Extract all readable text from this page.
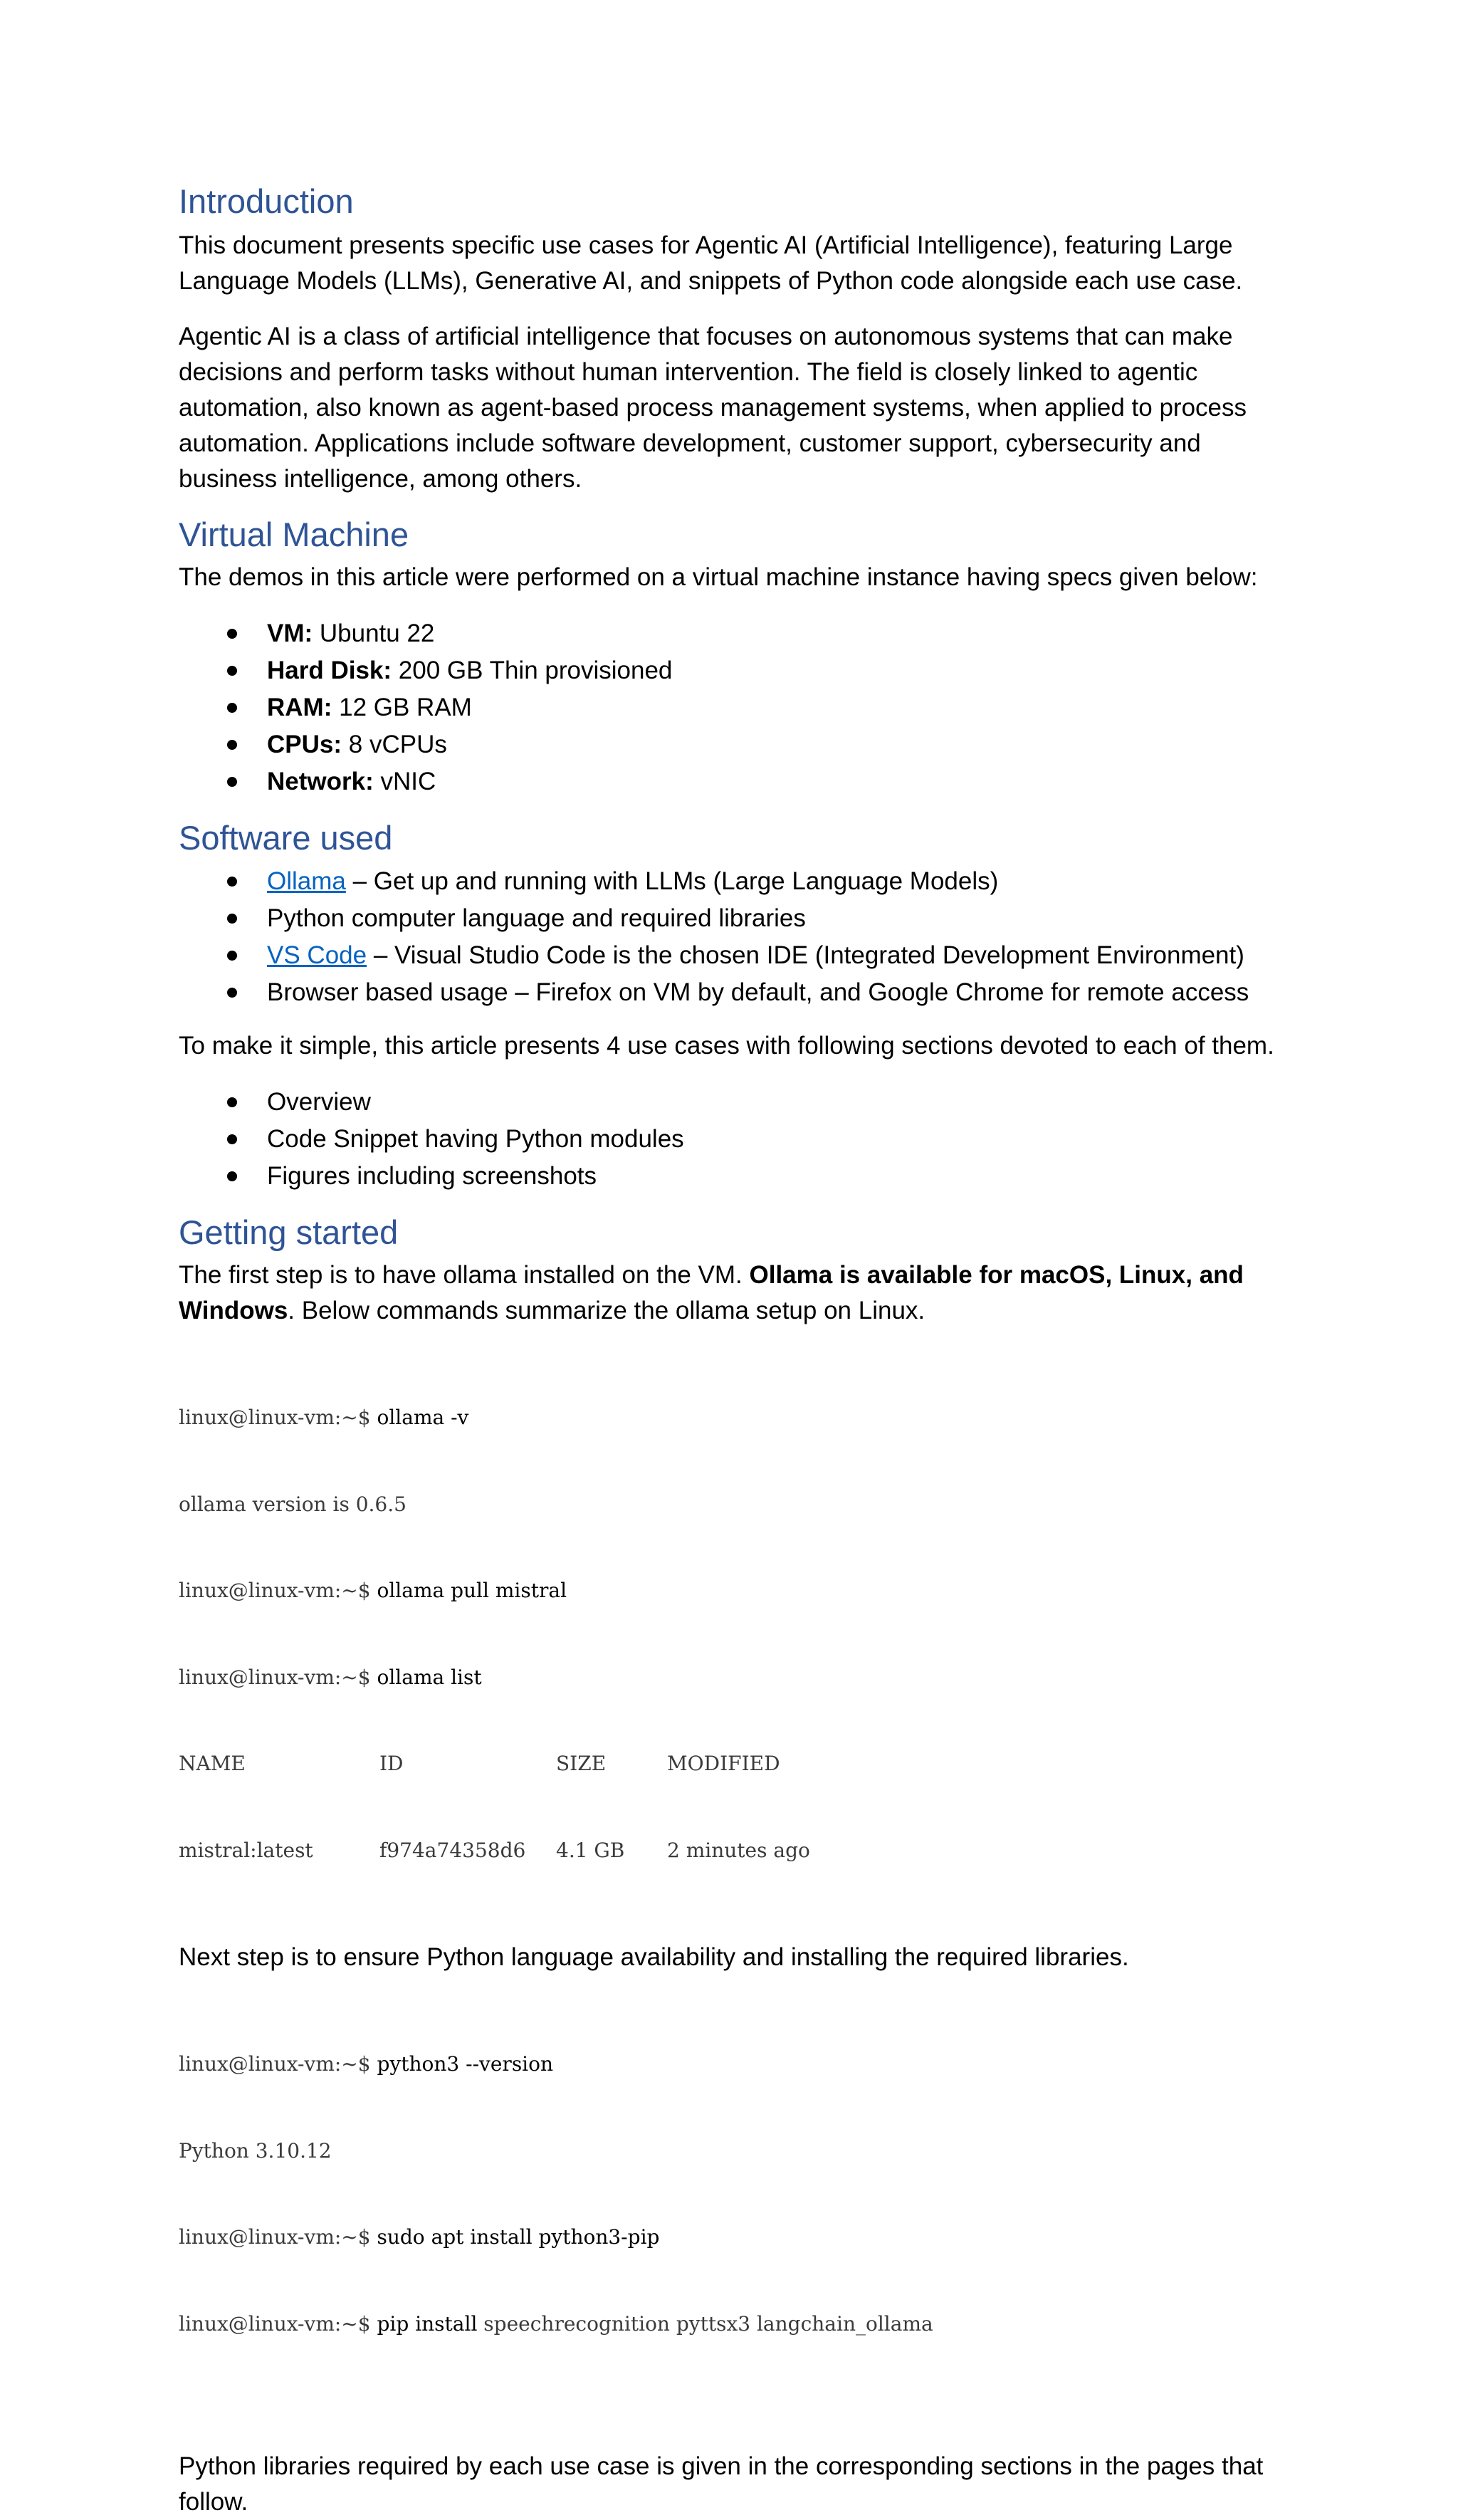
Introduction

This document presents specific use cases for Agentic AI (Artificial Intelligence), featuring Large Language Models (LLMs), Generative AI, and snippets of Python code alongside each use case.

Agentic AI is a class of artificial intelligence that focuses on autonomous systems that can make decisions and perform tasks without human intervention. The field is closely linked to agentic automation, also known as agent-based process management systems, when applied to process automation. Applications include software development, customer support, cybersecurity and business intelligence, among others.

Virtual Machine

The demos in this article were performed on a virtual machine instance having specs given below:

VM: Ubuntu 22
Hard Disk: 200 GB Thin provisioned
RAM: 12 GB RAM
CPUs: 8 vCPUs
Network: vNIC
Software used
Ollama – Get up and running with LLMs (Large Language Models)
Python computer language and required libraries
VS Code – Visual Studio Code is the chosen IDE (Integrated Development Environment)
Browser based usage – Firefox on VM by default, and Google Chrome for remote access

To make it simple, this article presents 4 use cases with following sections devoted to each of them.

Overview
Code Snippet having Python modules
Figures including screenshots
Getting started

The first step is to have ollama installed on the VM. Ollama is available for macOS, Linux, and Windows. Below commands summarize the ollama setup on Linux.

linux@linux-vm:~$ ollama -v

ollama version is 0.6.5

linux@linux-vm:~$ ollama pull mistral

linux@linux-vm:~$ ollama list

NAME	ID	SIZE	MODIFIED

mistral:latest	f974a74358d6	4.1 GB	2 minutes ago

Next step is to ensure Python language availability and installing the required libraries.

linux@linux-vm:~$ python3 --version

Python 3.10.12

linux@linux-vm:~$ sudo apt install python3-pip

linux@linux-vm:~$ pip install speechrecognition pyttsx3 langchain_ollama

Python libraries required by each use case is given in the corresponding sections in the pages that follow.
